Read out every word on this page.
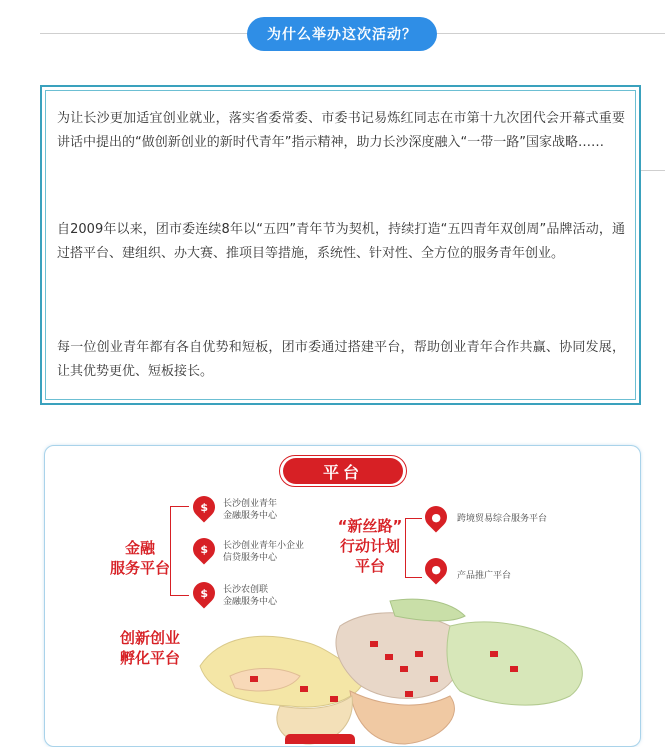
为什么举办这次活动？

为让长沙更加适宜创业就业，落实省委常委、市委书记易炼红同志在市第十九次团代会开幕式重要讲话中提出的“做创新创业的新时代青年”指示精神，助力长沙深度融入“一带一路”国家战略……

自2009年以来，团市委连续8年以“五四”青年节为契机，持续打造“五四青年双创周”品牌活动，通过搭平台、建组织、办大赛、推项目等措施，系统性、针对性、全方位的服务青年创业。

每一位创业青年都有各自优势和短板，团市委通过搭建平台，帮助创业青年合作共赢、协同发展，让其优势更优、短板接长。

平台
金融
服务平台
$ 长沙创业青年
金融服务中心
$ 长沙创业青年小企业
信贷服务中心
$ 长沙农创联
金融服务中心
“新丝路”
行动计划
平台
● 跨境贸易综合服务平台
●
产品推广平台
创新创业
孵化平台
